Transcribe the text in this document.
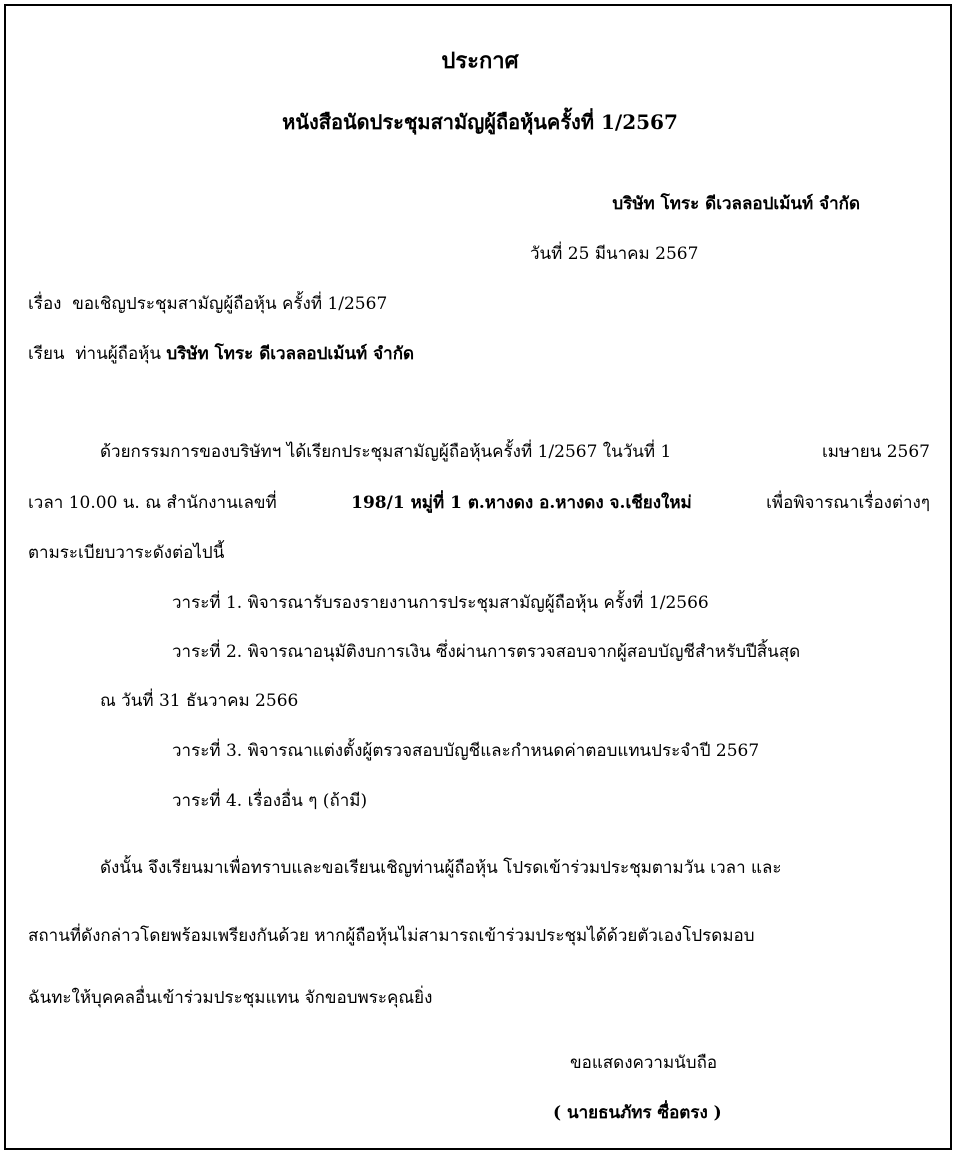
ประกาศ
หนังสือนัดประชุมสามัญผู้ถือหุ้นครั้งที่ 1/2567
บริษัท โทระ ดีเวลลอปเม้นท์ จำกัด
วันที่ 25 มีนาคม 2567
เรื่อง ขอเชิญประชุมสามัญผู้ถือหุ้น ครั้งที่ 1/2567
เรียน ท่านผู้ถือหุ้น บริษัท โทระ ดีเวลลอปเม้นท์ จำกัด
ด้วยกรรมการของบริษัทฯ ได้เรียกประชุมสามัญผู้ถือหุ้นครั้งที่ 1/2567 ในวันที่ 1	เมษายน 2567
เวลา 10.00 น. ณ สำนักงานเลขที่	198/1 หมู่ที่ 1 ต.หางดง อ.หางดง จ.เชียงใหม่	เพื่อพิจารณาเรื่องต่างๆ
ตามระเบียบวาระดังต่อไปนี้
วาระที่ 1. พิจารณารับรองรายงานการประชุมสามัญผู้ถือหุ้น ครั้งที่ 1/2566
วาระที่ 2. พิจารณาอนุมัติงบการเงิน ซึ่งผ่านการตรวจสอบจากผู้สอบบัญชีสำหรับปีสิ้นสุด
ณ วันที่ 31 ธันวาคม 2566
วาระที่ 3. พิจารณาแต่งตั้งผู้ตรวจสอบบัญชีและกำหนดค่าตอบแทนประจำปี 2567
วาระที่ 4. เรื่องอื่น ๆ (ถ้ามี)
ดังนั้น จึงเรียนมาเพื่อทราบและขอเรียนเชิญท่านผู้ถือหุ้น โปรดเข้าร่วมประชุมตามวัน เวลา และ
สถานที่ดังกล่าวโดยพร้อมเพรียงกันด้วย หากผู้ถือหุ้นไม่สามารถเข้าร่วมประชุมได้ด้วยตัวเองโปรดมอบ
ฉันทะให้บุคคลอื่นเข้าร่วมประชุมแทน จักขอบพระคุณยิ่ง
ขอแสดงความนับถือ
( นายธนภัทร ซื่อตรง )
